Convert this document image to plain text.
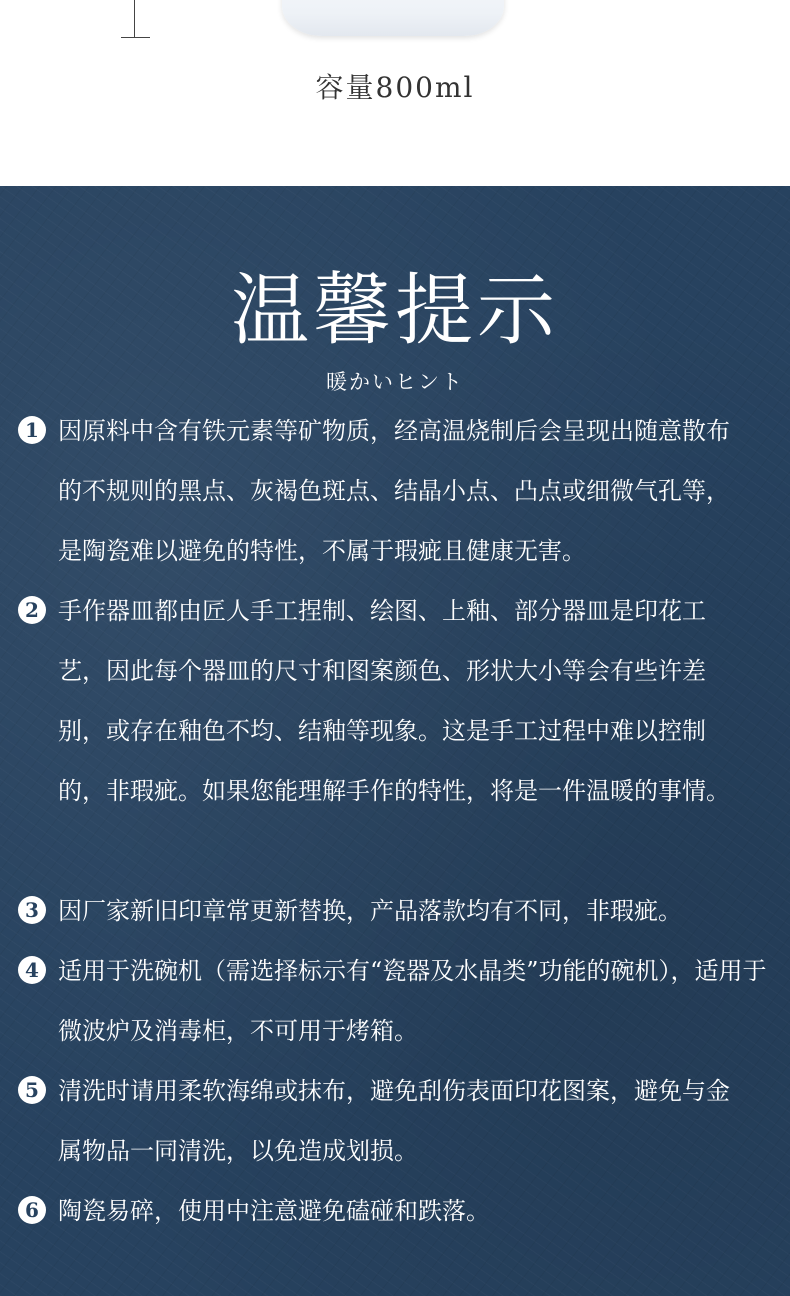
容量800ml
温馨提示
暖かいヒント
1 因原料中含有铁元素等矿物质，经高温烧制后会呈现出随意散布的不规则的黑点、灰褐色斑点、结晶小点、凸点或细微气孔等，是陶瓷难以避免的特性，不属于瑕疵且健康无害。

2 手作器皿都由匠人手工捏制、绘图、上釉、部分器皿是印花工艺，因此每个器皿的尺寸和图案颜色、形状大小等会有些许差别，或存在釉色不均、结釉等现象。这是手工过程中难以控制的，非瑕疵。如果您能理解手作的特性，将是一件温暖的事情。

3 因厂家新旧印章常更新替换，产品落款均有不同，非瑕疵。

4 适用于洗碗机（需选择标示有“瓷器及水晶类”功能的碗机），适用于微波炉及消毒柜，不可用于烤箱。

5 清洗时请用柔软海绵或抹布，避免刮伤表面印花图案，避免与金属物品一同清洗，以免造成划损。

6 陶瓷易碎，使用中注意避免磕碰和跌落。
